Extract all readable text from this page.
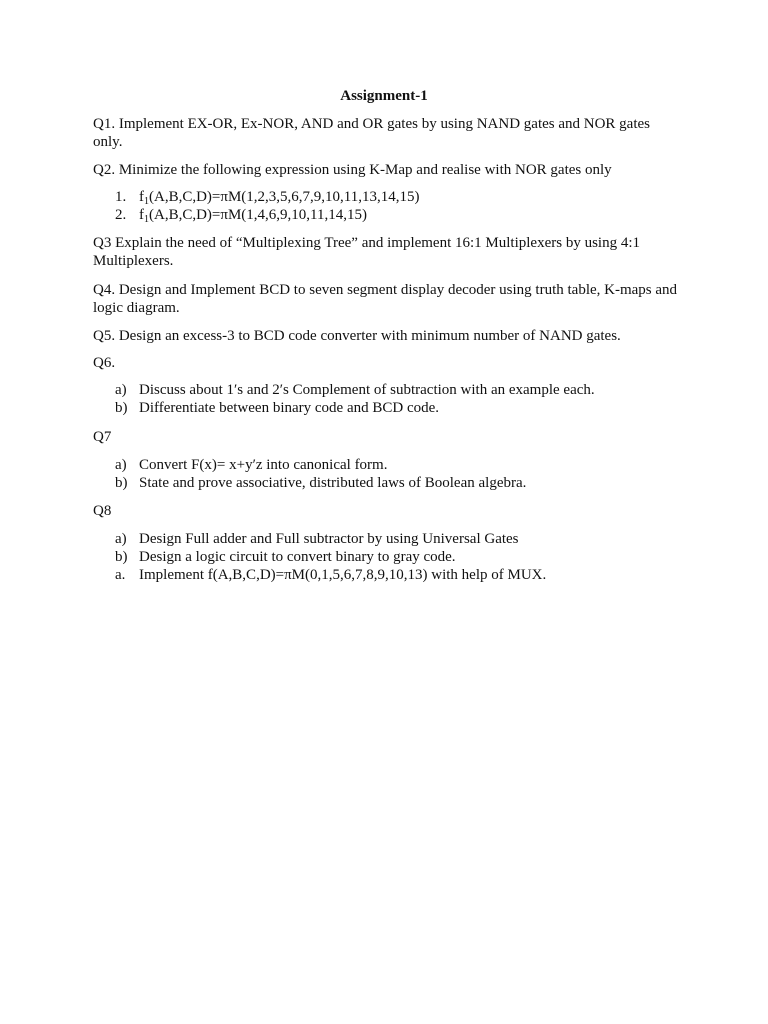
Assignment-1
Q1. Implement EX-OR, Ex-NOR, AND and OR gates by using NAND gates and NOR gates only.
Q2. Minimize the following expression using K-Map and realise with NOR gates only
1. $f_1(A,B,C,D)=\pi M(1,2,3,5,6,7,9,10,11,13,14,15)$
2. $f_1(A,B,C,D)=\pi M(1,4,6,9,10,11,14,15)$
Q3 Explain the need of “Multiplexing Tree” and implement 16:1 Multiplexers by using 4:1 Multiplexers.
Q4. Design and Implement BCD to seven segment display decoder using truth table, K-maps and logic diagram.
Q5. Design an excess-3 to BCD code converter with minimum number of NAND gates.
Q6.
a) Discuss about 1′s and 2′s Complement of subtraction with an example each.
b) Differentiate between binary code and BCD code.
Q7
a) Convert F(x)= x+y′z into canonical form.
b) State and prove associative, distributed laws of Boolean algebra.
Q8
a) Design Full adder and Full subtractor by using Universal Gates
b) Design a logic circuit to convert binary to gray code.
a. Implement f(A,B,C,D)=πM(0,1,5,6,7,8,9,10,13) with help of MUX.
